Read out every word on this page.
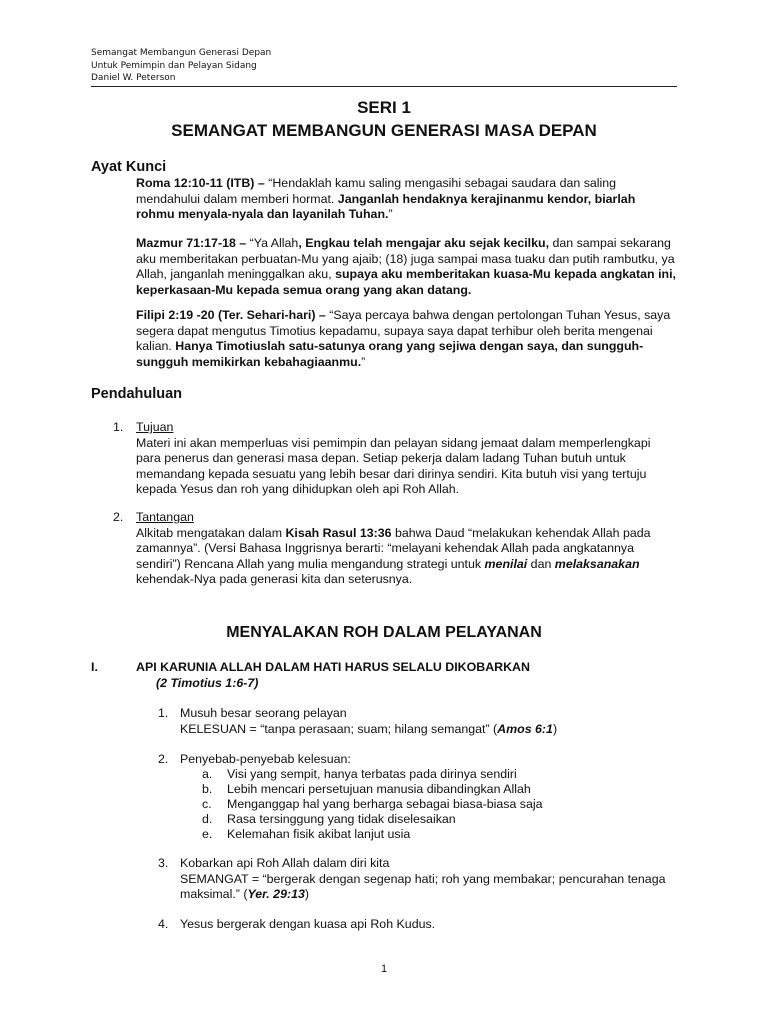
Semangat Membangun Generasi Depan
Untuk Pemimpin dan Pelayan Sidang
Daniel W. Peterson
SERI 1
SEMANGAT MEMBANGUN GENERASI MASA DEPAN
Ayat Kunci
Roma 12:10-11 (ITB) – “Hendaklah kamu saling mengasihi sebagai saudara dan saling mendahului dalam memberi hormat. Janganlah hendaknya kerajinanmu kendor, biarlah rohmu menyala-nyala dan layanilah Tuhan.”
Mazmur 71:17-18 – “Ya Allah, Engkau telah mengajar aku sejak kecilku, dan sampai sekarang aku memberitakan perbuatan-Mu yang ajaib; (18) juga sampai masa tuaku dan putih rambutku, ya Allah, janganlah meninggalkan aku, supaya aku memberitakan kuasa-Mu kepada angkatan ini, keperkasaan-Mu kepada semua orang yang akan datang.
Filipi 2:19 -20 (Ter. Sehari-hari) – “Saya percaya bahwa dengan pertolongan Tuhan Yesus, saya segera dapat mengutus Timotius kepadamu, supaya saya dapat terhibur oleh berita mengenai kalian. Hanya Timotiuslah satu-satunya orang yang sejiwa dengan saya, dan sungguh-sungguh memikirkan kebahagiaanmu.”
Pendahuluan
1. Tujuan
Materi ini akan memperluas visi pemimpin dan pelayan sidang jemaat dalam memperlengkapi para penerus dan generasi masa depan. Setiap pekerja dalam ladang Tuhan butuh untuk memandang kepada sesuatu yang lebih besar dari dirinya sendiri. Kita butuh visi yang tertuju kepada Yesus dan roh yang dihidupkan oleh api Roh Allah.
2. Tantangan
Alkitab mengatakan dalam Kisah Rasul 13:36 bahwa Daud “melakukan kehendak Allah pada zamannya”. (Versi Bahasa Inggrisnya berarti: “melayani kehendak Allah pada angkatannya sendiri”) Rencana Allah yang mulia mengandung strategi untuk menilai dan melaksanakan kehendak-Nya pada generasi kita dan seterusnya.
MENYALAKAN ROH DALAM PELAYANAN
I.	API KARUNIA ALLAH DALAM HATI HARUS SELALU DIKOBARKAN
(2 Timotius 1:6-7)
1. Musuh besar seorang pelayan
KELESUAN = “tanpa perasaan; suam; hilang semangat” (Amos 6:1)
2. Penyebab-penyebab kelesuan:
a. Visi yang sempit, hanya terbatas pada dirinya sendiri
b. Lebih mencari persetujuan manusia dibandingkan Allah
c. Menganggap hal yang berharga sebagai biasa-biasa saja
d. Rasa tersinggung yang tidak diselesaikan
e. Kelemahan fisik akibat lanjut usia
3. Kobarkan api Roh Allah dalam diri kita
SEMANGAT = “bergerak dengan segenap hati; roh yang membakar; pencurahan tenaga maksimal.” (Yer. 29:13)
4. Yesus bergerak dengan kuasa api Roh Kudus.
1
